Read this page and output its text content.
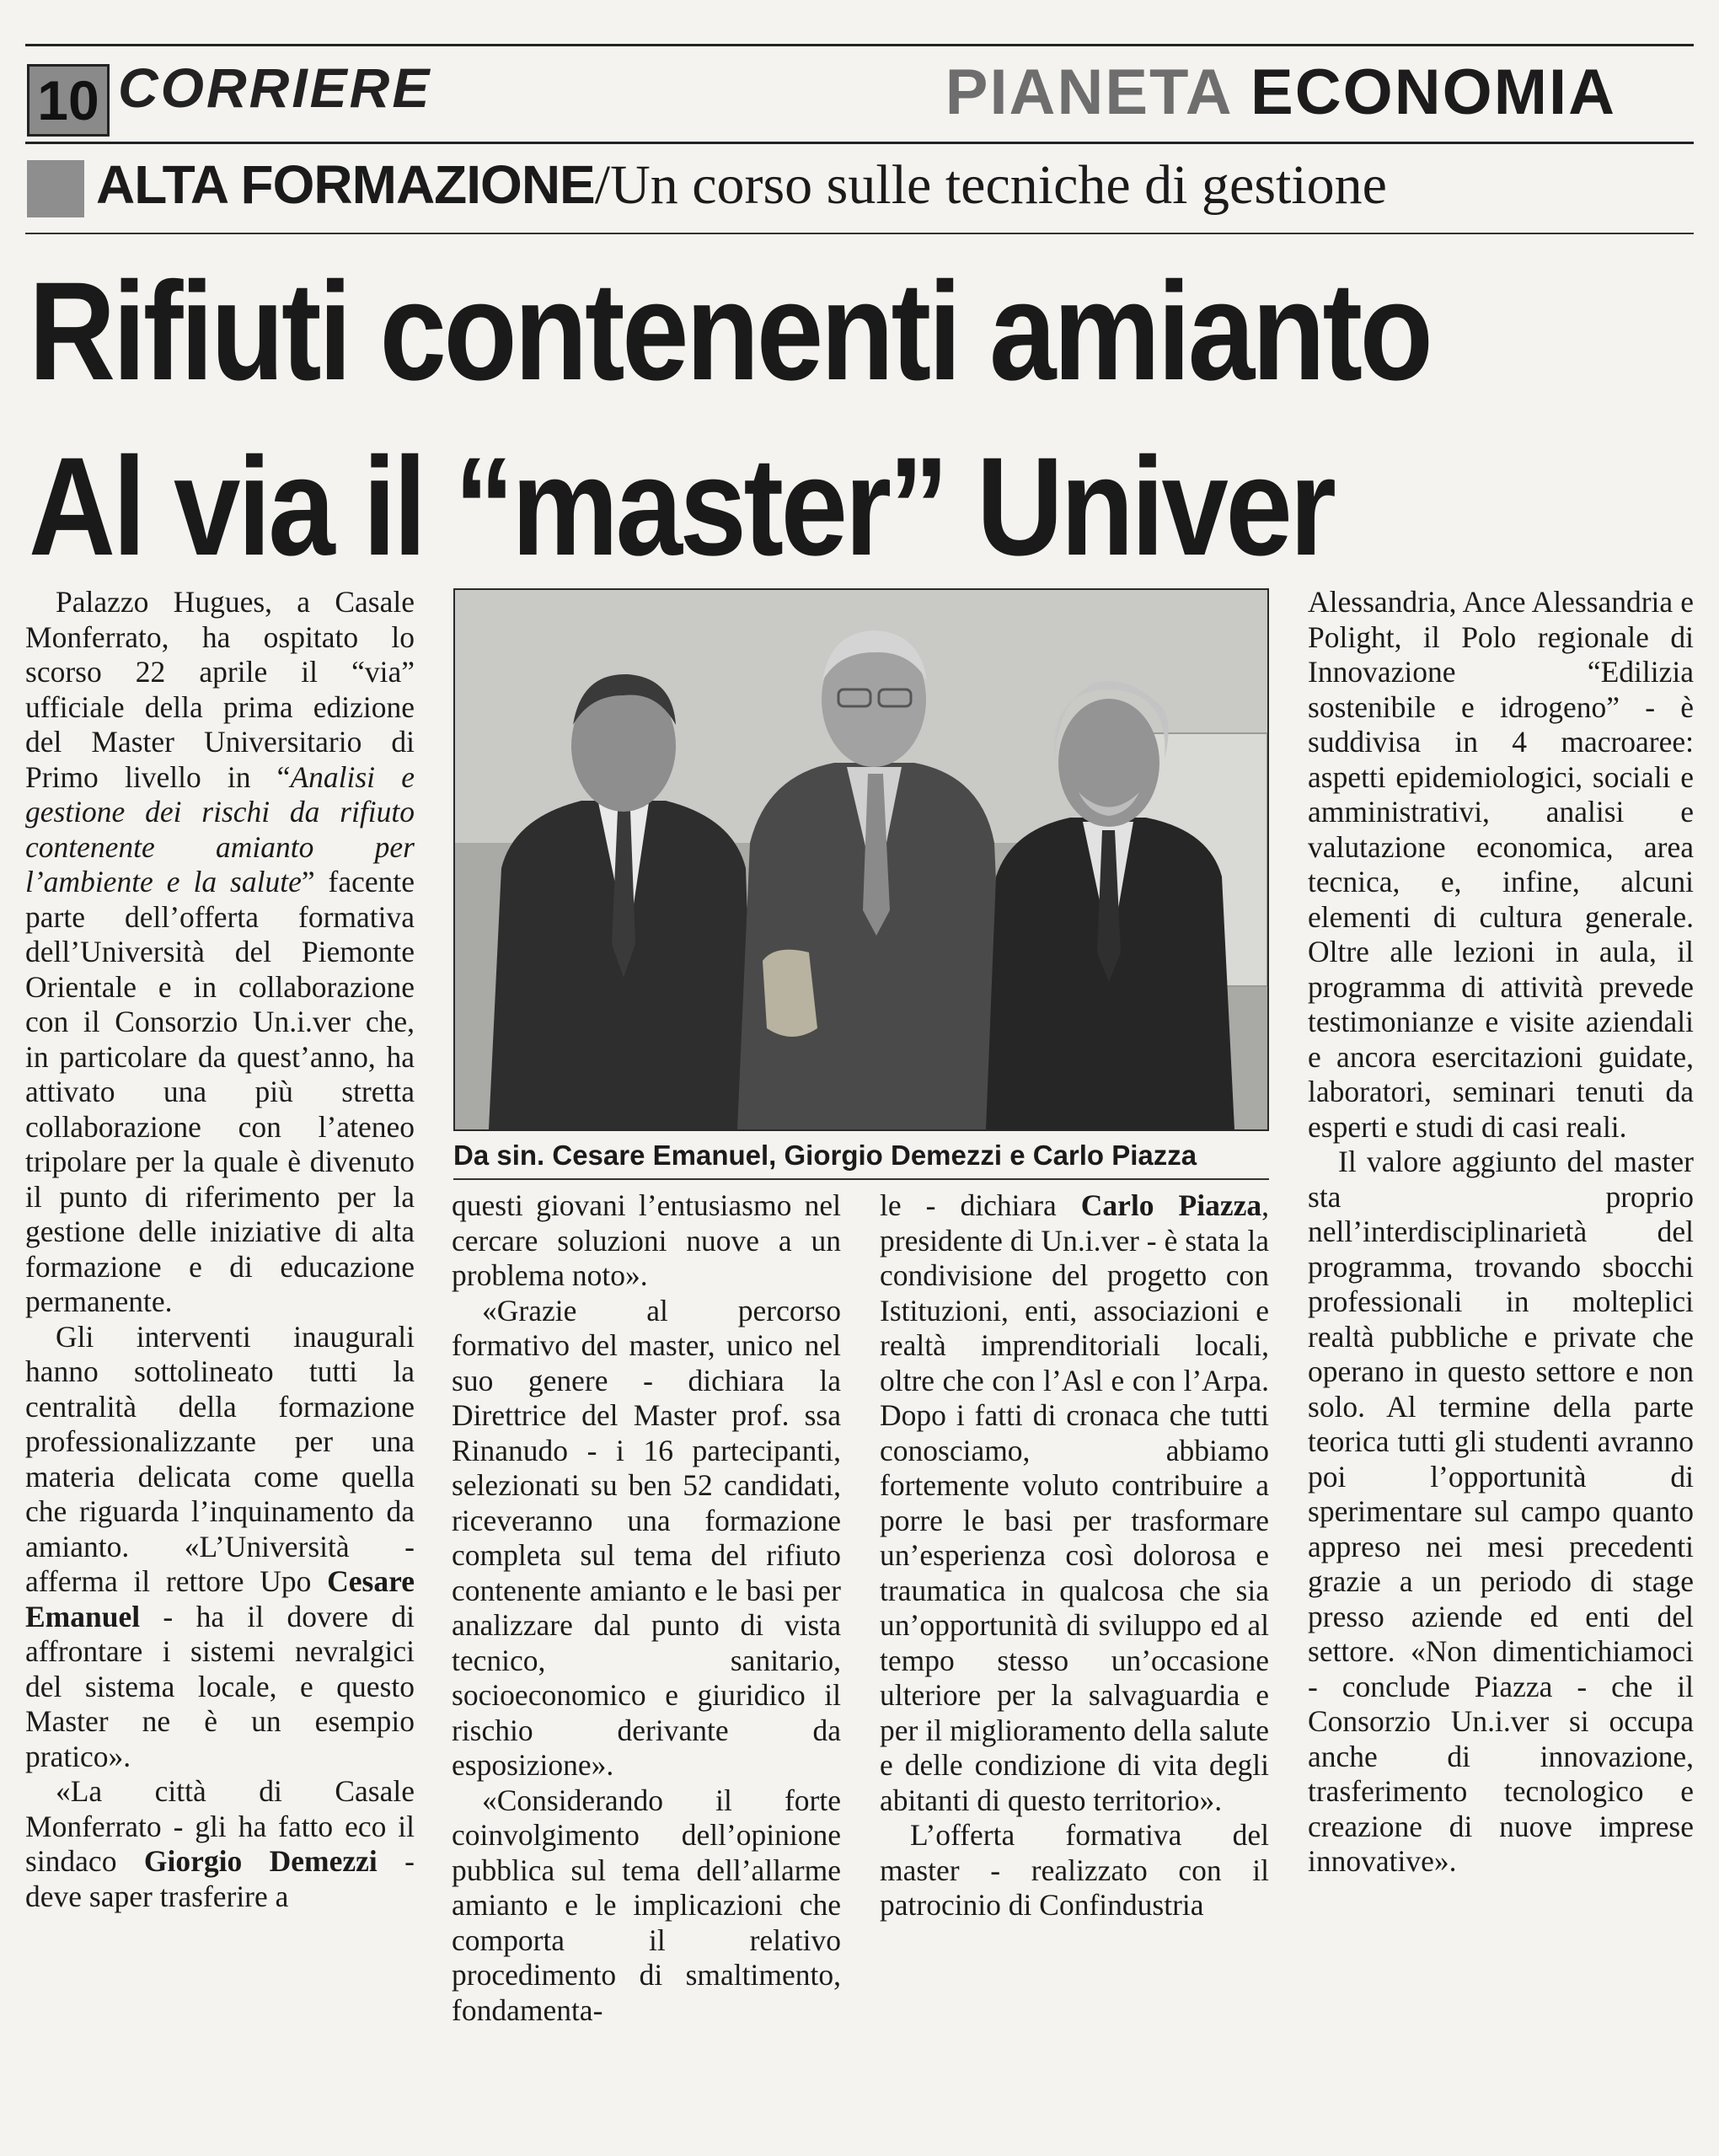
10 CORRIERE	PIANETA ECONOMIA
ALTA FORMAZIONE/Un corso sulle tecniche di gestione
Rifiuti contenenti amianto
Al via il “master” Univer

Palazzo Hugues, a Casale Monferrato, ha ospitato lo scorso 22 aprile il “via” ufficiale della prima edizione del Master Universitario di Primo livello in “Analisi e gestione dei rischi da rifiuto contenente amianto per l’ambiente e la salute” facente parte dell’offerta formativa dell’Università del Piemonte Orientale e in collaborazione con il Consorzio Un.i.ver che, in particolare da quest’anno, ha attivato una più stretta collaborazione con l’ateneo tripolare per la quale è divenuto il punto di riferimento per la gestione delle iniziative di alta formazione e di educazione permanente.

Gli interventi inaugurali hanno sottolineato tutti la centralità della formazione professionalizzante per una materia delicata come quella che riguarda l’inquinamento da amianto. «L’Università - afferma il rettore Upo Cesare Emanuel - ha il dovere di affrontare i sistemi nevralgici del sistema locale, e questo Master ne è un esempio pratico».

«La città di Casale Monferrato - gli ha fatto eco il sindaco Giorgio Demezzi - deve saper trasferire a

Da sin. Cesare Emanuel, Giorgio Demezzi e Carlo Piazza

questi giovani l’entusiasmo nel cercare soluzioni nuove a un problema noto».

«Grazie al percorso formativo del master, unico nel suo genere - dichiara la Direttrice del Master prof. ssa Rinanudo - i 16 partecipanti, selezionati su ben 52 candidati, riceveranno una formazione completa sul tema del rifiuto contenente amianto e le basi per analizzare dal punto di vista tecnico, sanitario, socioeconomico e giuridico il rischio derivante da esposizione».

«Considerando il forte coinvolgimento dell’opinione pubblica sul tema dell’allarme amianto e le implicazioni che comporta il relativo procedimento di smaltimento, fondamenta-

le - dichiara Carlo Piazza, presidente di Un.i.ver - è stata la condivisione del progetto con Istituzioni, enti, associazioni e realtà imprenditoriali locali, oltre che con l’Asl e con l’Arpa. Dopo i fatti di cronaca che tutti conosciamo, abbiamo fortemente voluto contribuire a porre le basi per trasformare un’esperienza così dolorosa e traumatica in qualcosa che sia un’opportunità di sviluppo ed al tempo stesso un’occasione ulteriore per la salvaguardia e per il miglioramento della salute e delle condizione di vita degli abitanti di questo territorio».

L’offerta formativa del master - realizzato con il patrocinio di Confindustria

Alessandria, Ance Alessandria e Polight, il Polo regionale di Innovazione “Edilizia sostenibile e idrogeno” - è suddivisa in 4 macroaree: aspetti epidemiologici, sociali e amministrativi, analisi e valutazione economica, area tecnica, e, infine, alcuni elementi di cultura generale. Oltre alle lezioni in aula, il programma di attività prevede testimonianze e visite aziendali e ancora esercitazioni guidate, laboratori, seminari tenuti da esperti e studi di casi reali.

Il valore aggiunto del master sta proprio nell’interdisciplinarietà del programma, trovando sbocchi professionali in molteplici realtà pubbliche e private che operano in questo settore e non solo. Al termine della parte teorica tutti gli studenti avranno poi l’opportunità di sperimentare sul campo quanto appreso nei mesi precedenti grazie a un periodo di stage presso aziende ed enti del settore. «Non dimentichiamoci - conclude Piazza - che il Consorzio Un.i.ver si occupa anche di innovazione, trasferimento tecnologico e creazione di nuove imprese innovative».
